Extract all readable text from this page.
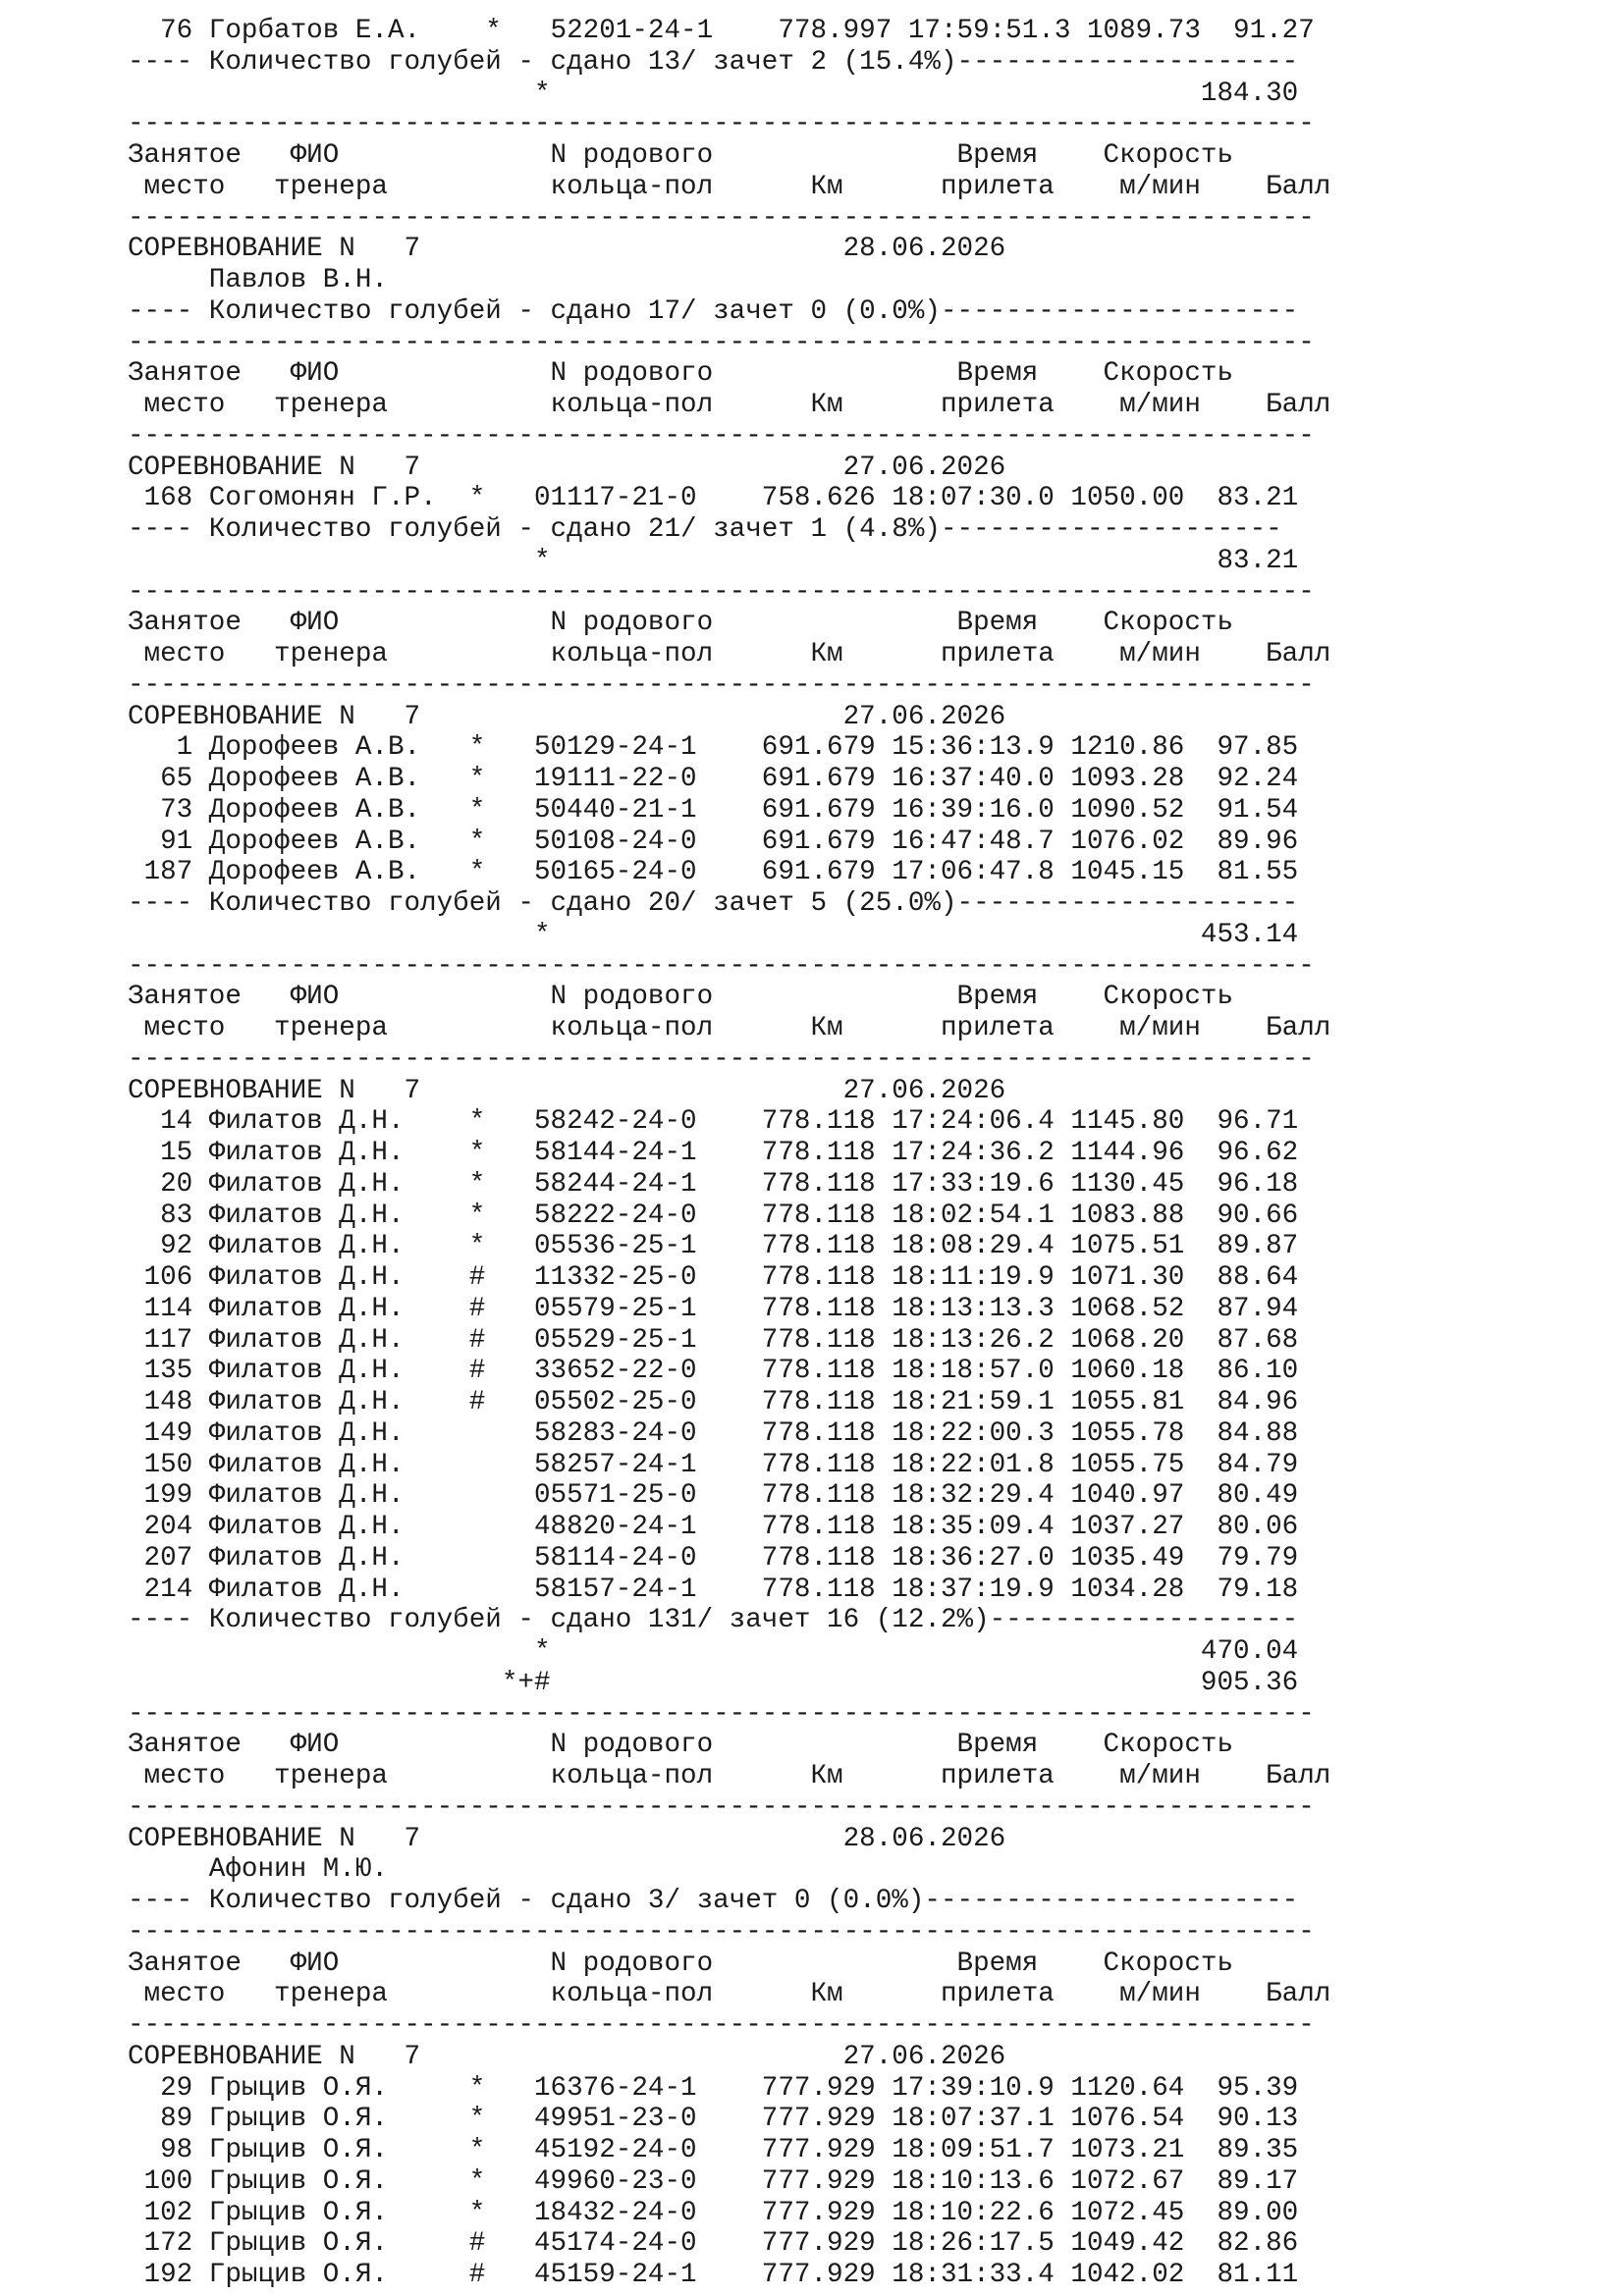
76 Горбатов Е.А.    *   52201-24-1    778.997 17:59:51.3 1089.73  91.27
---- Количество голубей - сдано 13/ зачет 2 (15.4%)---------------------
*                                        184.30
-------------------------------------------------------------------------
Занятое   ФИО             N родового               Время    Скорость
место   тренера          кольца-пол      Км      прилета    м/мин    Балл
-------------------------------------------------------------------------
СОРЕВНОВАНИЕ N   7                          28.06.2026
Павлов В.Н.
---- Количество голубей - сдано 17/ зачет 0 (0.0%)----------------------
-------------------------------------------------------------------------
Занятое   ФИО             N родового               Время    Скорость
место   тренера          кольца-пол      Км      прилета    м/мин    Балл
-------------------------------------------------------------------------
СОРЕВНОВАНИЕ N   7                          27.06.2026
168 Согомонян Г.Р.  *   01117-21-0    758.626 18:07:30.0 1050.00  83.21
---- Количество голубей - сдано 21/ зачет 1 (4.8%)---------------------
*                                         83.21
-------------------------------------------------------------------------
Занятое   ФИО             N родового               Время    Скорость
место   тренера          кольца-пол      Км      прилета    м/мин    Балл
-------------------------------------------------------------------------
СОРЕВНОВАНИЕ N   7                          27.06.2026
1 Дорофеев А.В.   *   50129-24-1    691.679 15:36:13.9 1210.86  97.85
65 Дорофеев А.В.   *   19111-22-0    691.679 16:37:40.0 1093.28  92.24
73 Дорофеев А.В.   *   50440-21-1    691.679 16:39:16.0 1090.52  91.54
91 Дорофеев А.В.   *   50108-24-0    691.679 16:47:48.7 1076.02  89.96
187 Дорофеев А.В.   *   50165-24-0    691.679 17:06:47.8 1045.15  81.55
---- Количество голубей - сдано 20/ зачет 5 (25.0%)---------------------
*                                        453.14
-------------------------------------------------------------------------
Занятое   ФИО             N родового               Время    Скорость
место   тренера          кольца-пол      Км      прилета    м/мин    Балл
-------------------------------------------------------------------------
СОРЕВНОВАНИЕ N   7                          27.06.2026
14 Филатов Д.Н.    *   58242-24-0    778.118 17:24:06.4 1145.80  96.71
15 Филатов Д.Н.    *   58144-24-1    778.118 17:24:36.2 1144.96  96.62
20 Филатов Д.Н.    *   58244-24-1    778.118 17:33:19.6 1130.45  96.18
83 Филатов Д.Н.    *   58222-24-0    778.118 18:02:54.1 1083.88  90.66
92 Филатов Д.Н.    *   05536-25-1    778.118 18:08:29.4 1075.51  89.87
106 Филатов Д.Н.    #   11332-25-0    778.118 18:11:19.9 1071.30  88.64
114 Филатов Д.Н.    #   05579-25-1    778.118 18:13:13.3 1068.52  87.94
117 Филатов Д.Н.    #   05529-25-1    778.118 18:13:26.2 1068.20  87.68
135 Филатов Д.Н.    #   33652-22-0    778.118 18:18:57.0 1060.18  86.10
148 Филатов Д.Н.    #   05502-25-0    778.118 18:21:59.1 1055.81  84.96
149 Филатов Д.Н.        58283-24-0    778.118 18:22:00.3 1055.78  84.88
150 Филатов Д.Н.        58257-24-1    778.118 18:22:01.8 1055.75  84.79
199 Филатов Д.Н.        05571-25-0    778.118 18:32:29.4 1040.97  80.49
204 Филатов Д.Н.        48820-24-1    778.118 18:35:09.4 1037.27  80.06
207 Филатов Д.Н.        58114-24-0    778.118 18:36:27.0 1035.49  79.79
214 Филатов Д.Н.        58157-24-1    778.118 18:37:19.9 1034.28  79.18
---- Количество голубей - сдано 131/ зачет 16 (12.2%)-------------------
*                                        470.04
*+#                                        905.36
-------------------------------------------------------------------------
Занятое   ФИО             N родового               Время    Скорость
место   тренера          кольца-пол      Км      прилета    м/мин    Балл
-------------------------------------------------------------------------
СОРЕВНОВАНИЕ N   7                          28.06.2026
Афонин М.Ю.
---- Количество голубей - сдано 3/ зачет 0 (0.0%)-----------------------
-------------------------------------------------------------------------
Занятое   ФИО             N родового               Время    Скорость
место   тренера          кольца-пол      Км      прилета    м/мин    Балл
-------------------------------------------------------------------------
СОРЕВНОВАНИЕ N   7                          27.06.2026
29 Грыцив О.Я.     *   16376-24-1    777.929 17:39:10.9 1120.64  95.39
89 Грыцив О.Я.     *   49951-23-0    777.929 18:07:37.1 1076.54  90.13
98 Грыцив О.Я.     *   45192-24-0    777.929 18:09:51.7 1073.21  89.35
100 Грыцив О.Я.     *   49960-23-0    777.929 18:10:13.6 1072.67  89.17
102 Грыцив О.Я.     *   18432-24-0    777.929 18:10:22.6 1072.45  89.00
172 Грыцив О.Я.     #   45174-24-0    777.929 18:26:17.5 1049.42  82.86
192 Грыцив О.Я.     #   45159-24-1    777.929 18:31:33.4 1042.02  81.11
